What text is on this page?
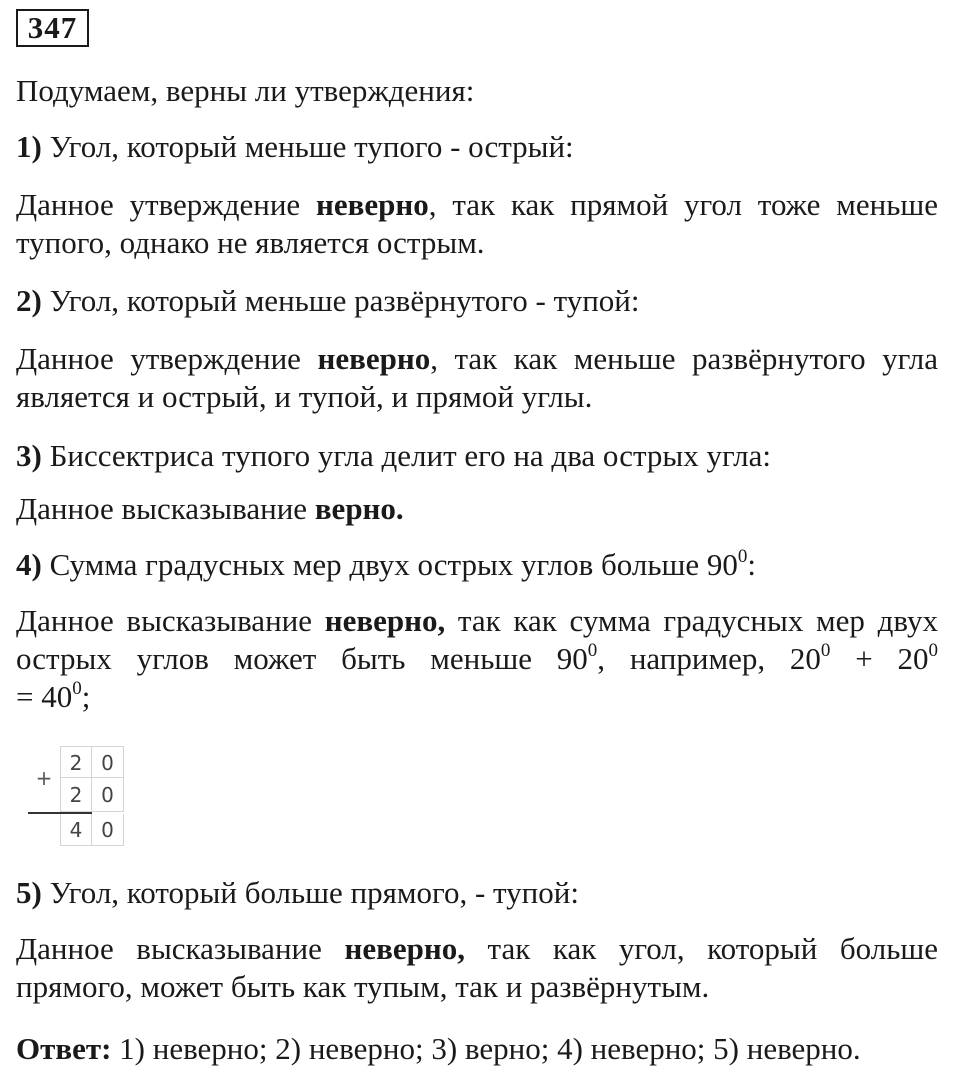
347
Подумаем, верны ли утверждения:
1) Угол, который меньше тупого - острый:
Данное утверждение неверно, так как прямой угол тоже меньше тупого, однако не является острым.
2) Угол, который меньше развёрнутого - тупой:
Данное утверждение неверно, так как меньше развёрнутого угла является и острый, и тупой, и прямой углы.
3) Биссектриса тупого угла делит его на два острых угла:
Данное высказывание верно.
4) Сумма градусных мер двух острых углов больше $90^0$:
Данное высказывание неверно, так как сумма градусных мер двух острых углов может быть меньше $90^0$, например, $20^0 + 20^0$
= $40^0$;
+
2 0
2 0
4 0
5) Угол, который больше прямого, - тупой:
Данное высказывание неверно, так как угол, который больше прямого, может быть как тупым, так и развёрнутым.
Ответ: 1) неверно; 2) неверно; 3) верно; 4) неверно; 5) неверно.
